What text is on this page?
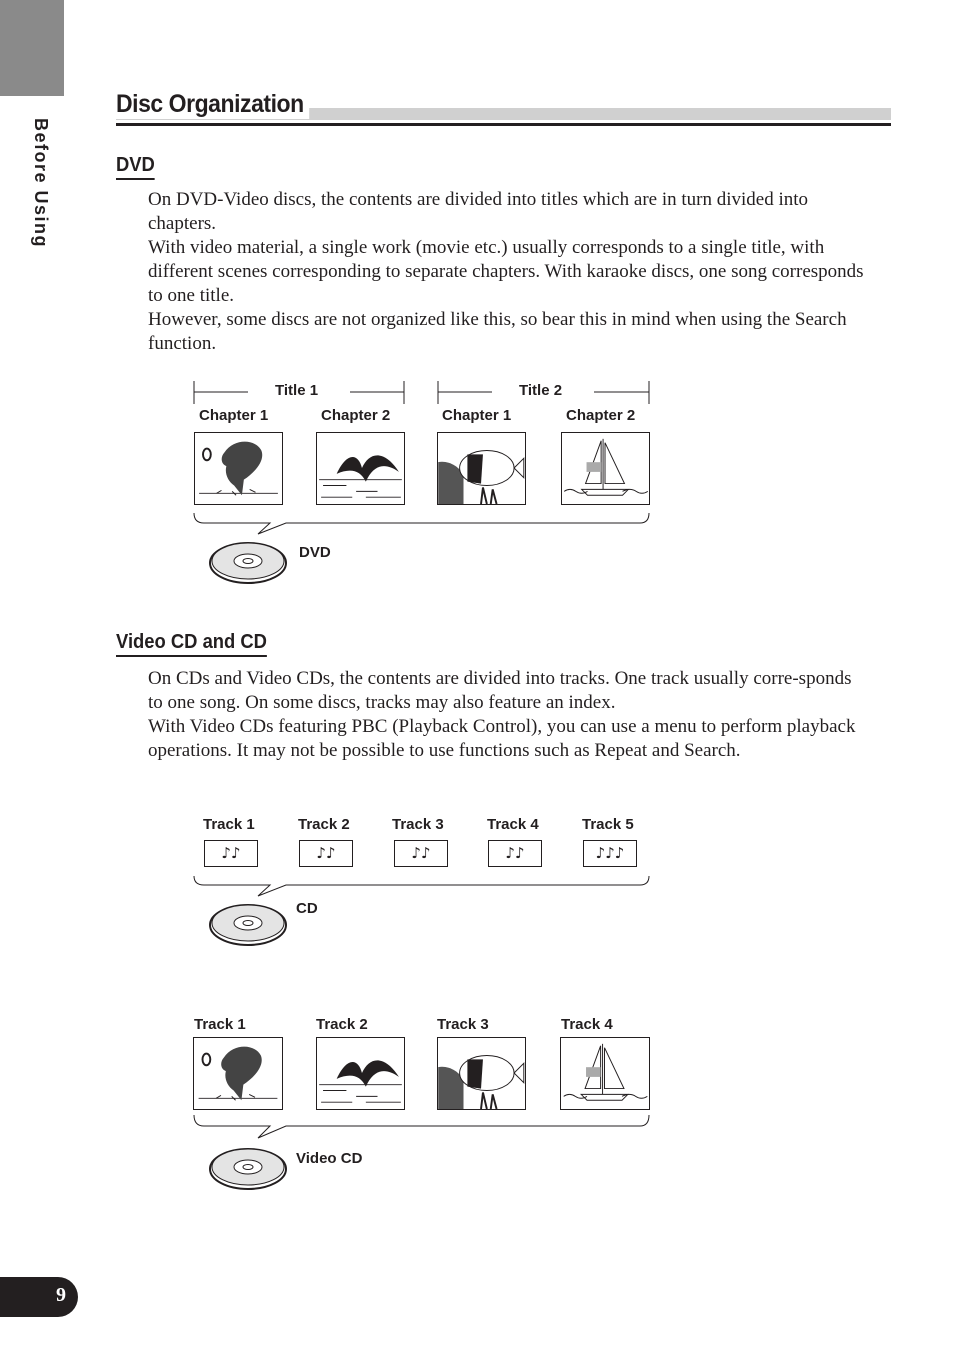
Before Using
Disc Organization
DVD

On DVD-Video discs, the contents are divided into titles which are in turn divided into chapters.

With video material, a single work (movie etc.) usually corresponds to a single title, with different scenes corresponding to separate chapters. With karaoke discs, one song corresponds to one title.

However, some discs are not organized like this, so bear this in mind when using the Search function.

Title 1	Title 2
Chapter 1	Chapter 2	Chapter 1	Chapter 2
DVD
Video CD and CD

On CDs and Video CDs, the contents are divided into tracks. One track usually corre-sponds to one song. On some discs, tracks may also feature an index.

With Video CDs featuring PBC (Playback Control), you can use a menu to perform playback operations. It may not be possible to use functions such as Repeat and Search.

Track 1	Track 2	Track 3	Track 4	Track 5
♪♪	♪♪	♪♪	♪♪	♪♪♪
CD
Track 1	Track 2	Track 3	Track 4
Video CD
9
